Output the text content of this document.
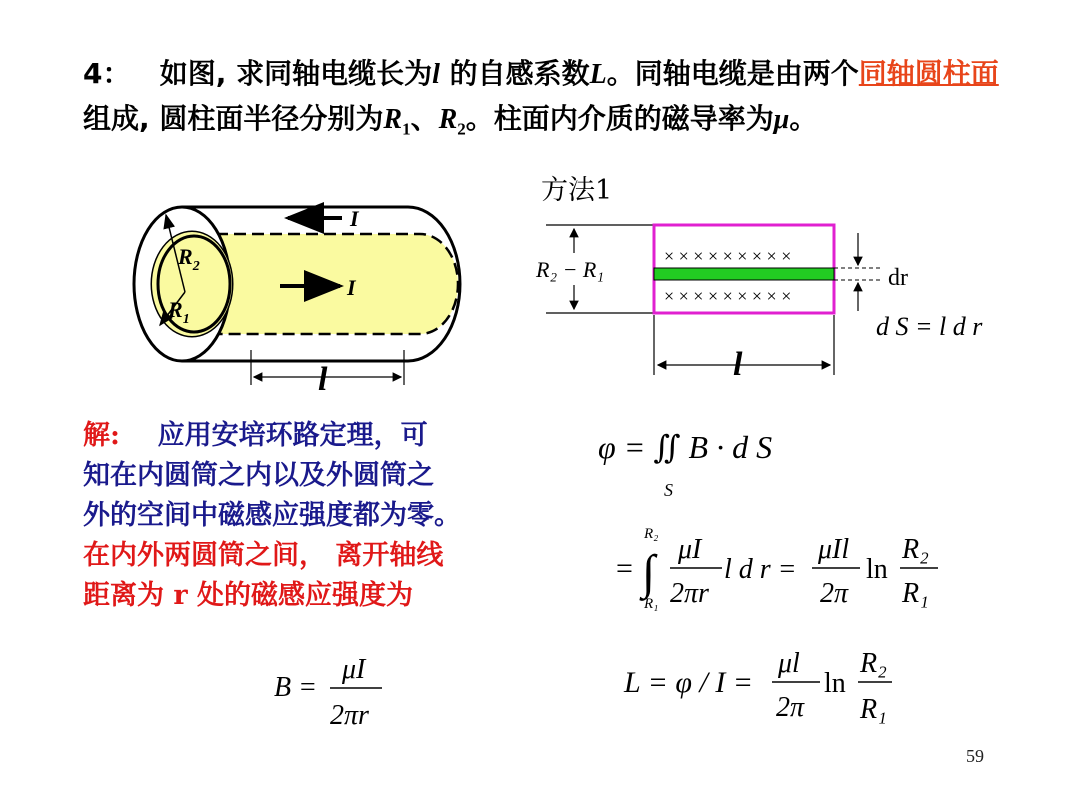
4： 如图, 求同轴电缆长为l 的自感系数L。同轴电缆是由两个同轴圆柱面组成, 圆柱面半径分别为$R_1$、$R_2$。柱面内介质的磁导率为μ。
方法1
$R_2$
$R_1$
I
I
l
R₂ − R₁
× × × × × × × × ×
× × × × × × × × ×
dr
d S = l d r
l
解: 应用安培环路定理，可
知在内圆筒之内以及外圆筒之
外的空间中磁感应强度都为零。
在内外两圆筒之间， 离开轴线
距离为 r 处的磁感应强度为
φ = ∬ B · d S
S
= ∫
R₂
R₁
μI
2πr
l d r =
μIl
2π
ln
R₂
R₁
L = φ / I =
μl
2π
ln
R₂
R₁
B =
μI
2πr
59
